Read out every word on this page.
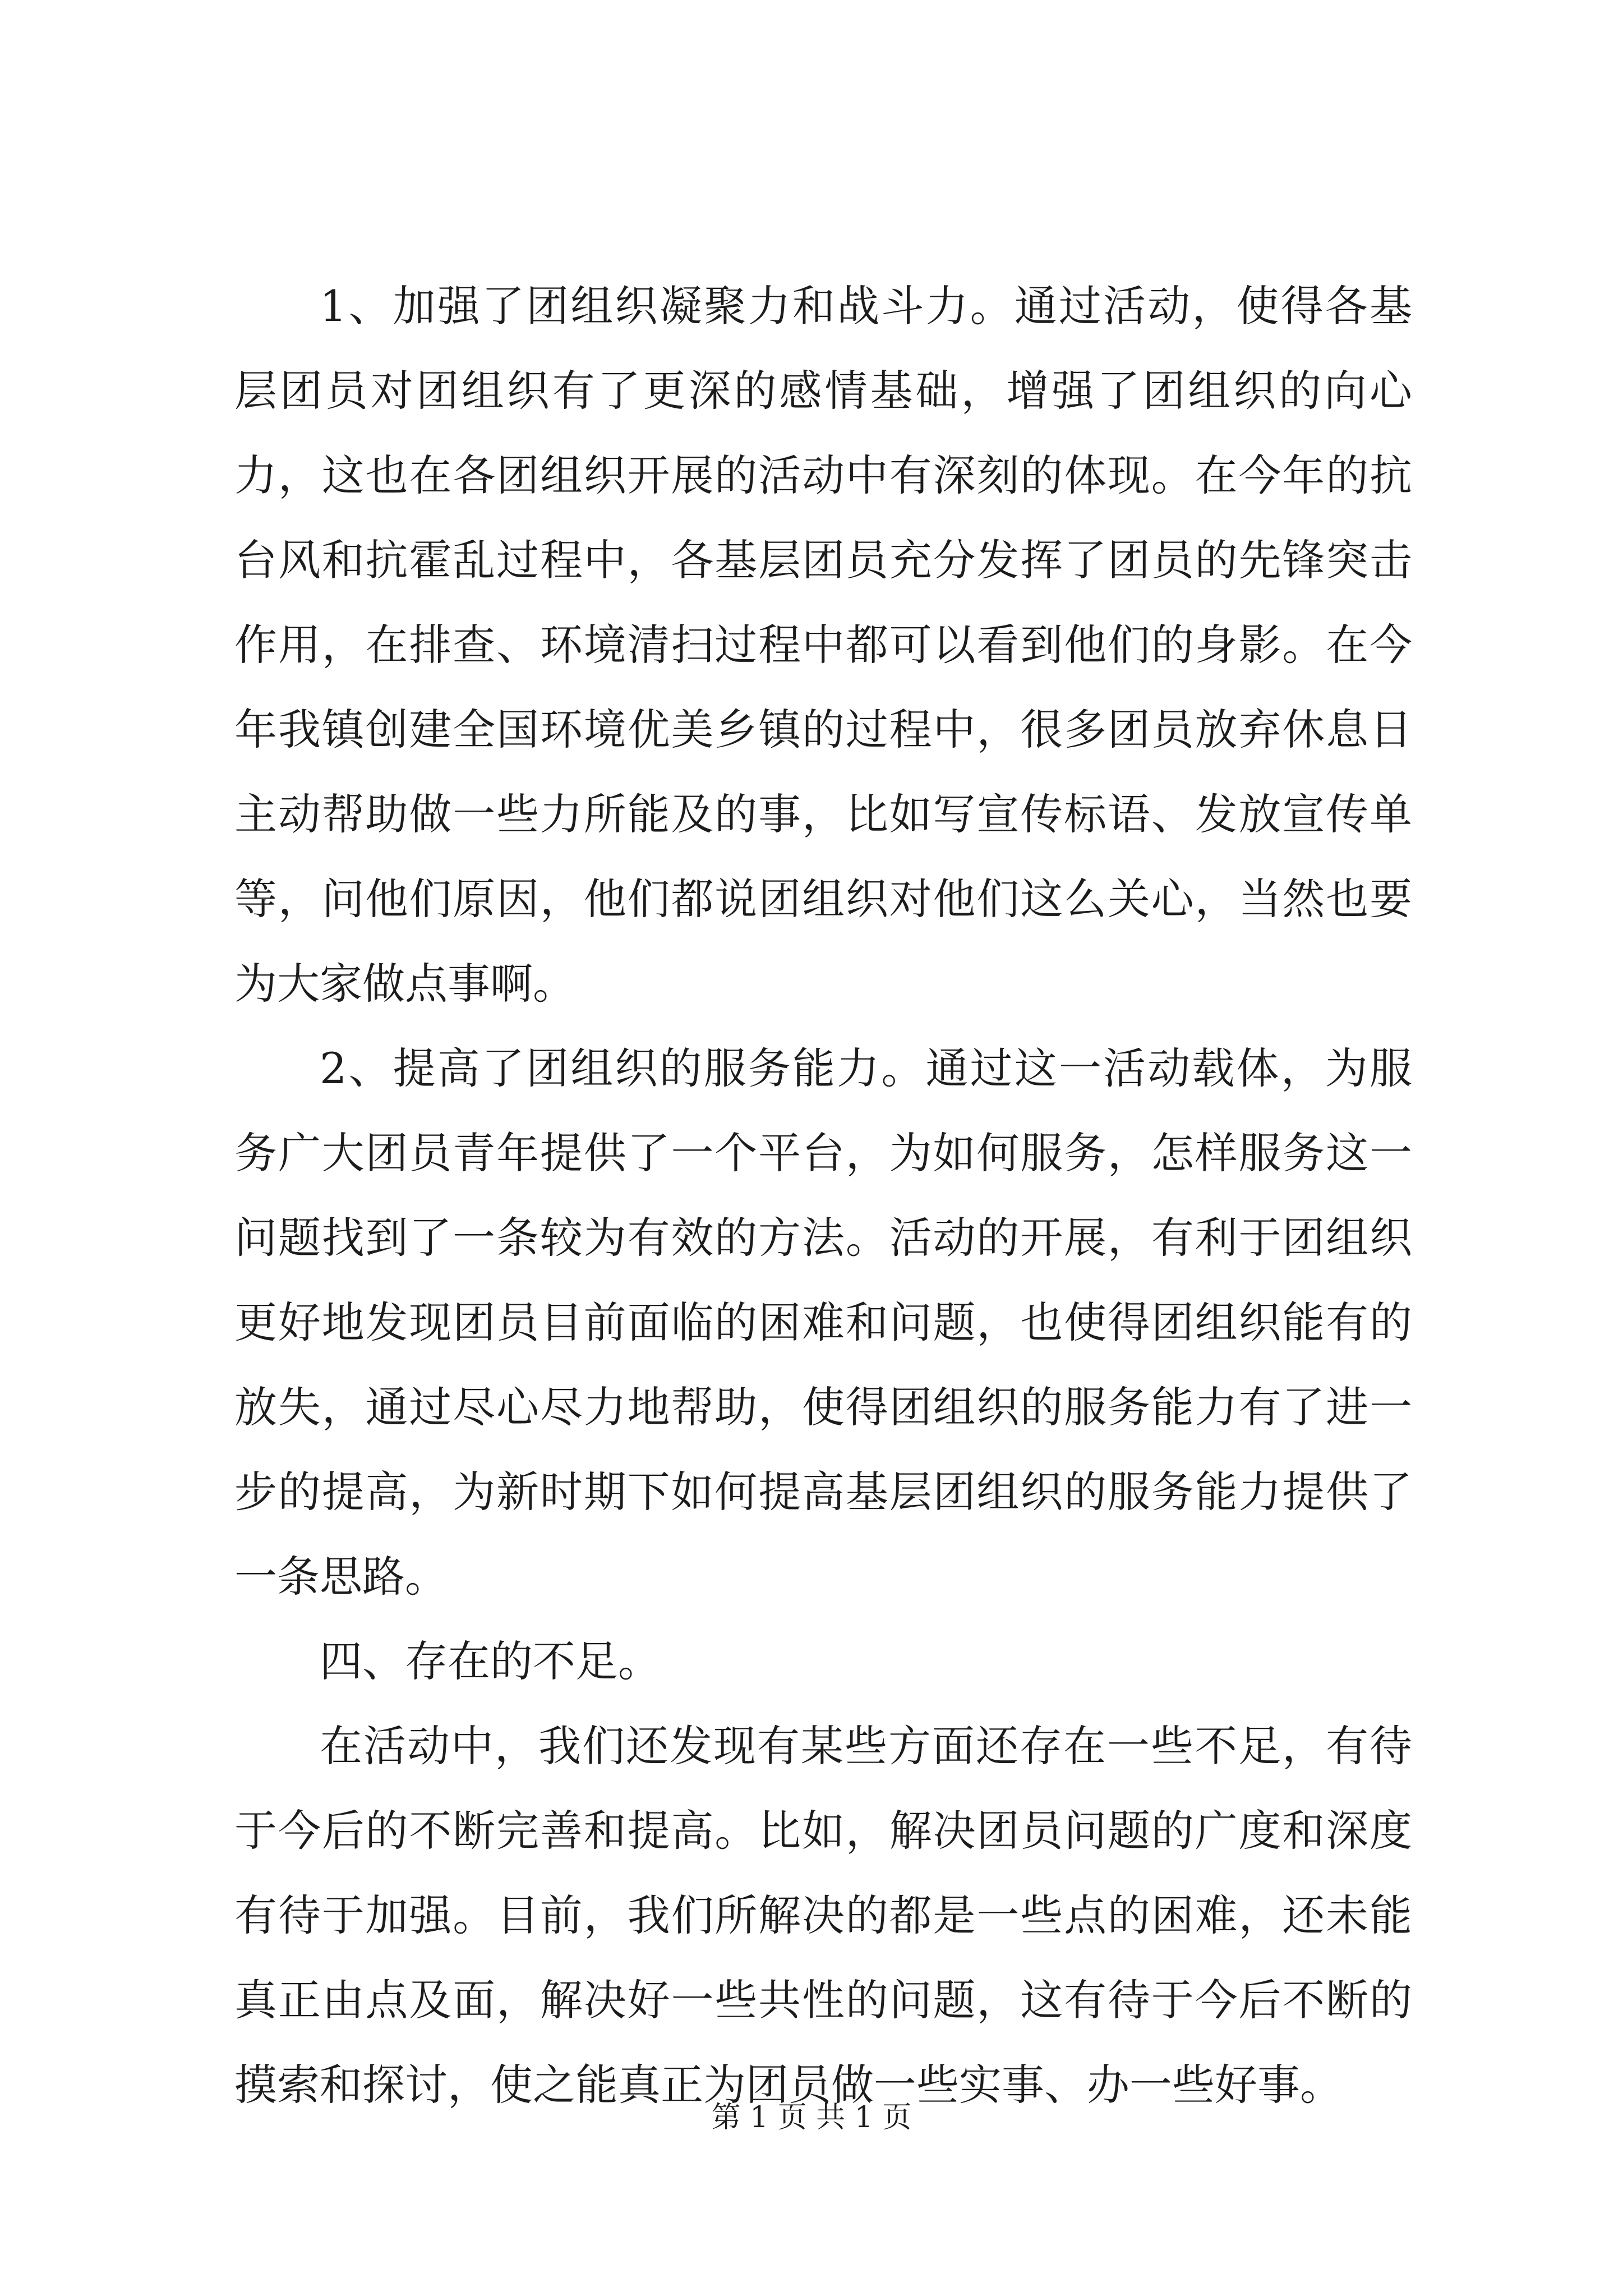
1、加强了团组织凝聚力和战斗力。通过活动，使得各基层团员对团组织有了更深的感情基础，增强了团组织的向心力，这也在各团组织开展的活动中有深刻的体现。在今年的抗台风和抗霍乱过程中，各基层团员充分发挥了团员的先锋突击作用，在排查、环境清扫过程中都可以看到他们的身影。在今年我镇创建全国环境优美乡镇的过程中，很多团员放弃休息日主动帮助做一些力所能及的事，比如写宣传标语、发放宣传单等，问他们原因，他们都说团组织对他们这么关心，当然也要为大家做点事啊。

2、提高了团组织的服务能力。通过这一活动载体，为服务广大团员青年提供了一个平台，为如何服务，怎样服务这一问题找到了一条较为有效的方法。活动的开展，有利于团组织更好地发现团员目前面临的困难和问题，也使得团组织能有的放失，通过尽心尽力地帮助，使得团组织的服务能力有了进一步的提高，为新时期下如何提高基层团组织的服务能力提供了一条思路。

四、存在的不足。

在活动中，我们还发现有某些方面还存在一些不足，有待于今后的不断完善和提高。比如，解决团员问题的广度和深度有待于加强。目前，我们所解决的都是一些点的困难，还未能真正由点及面，解决好一些共性的问题，这有待于今后不断的摸索和探讨，使之能真正为团员做一些实事、办一些好事。

第 1 页 共 1 页
